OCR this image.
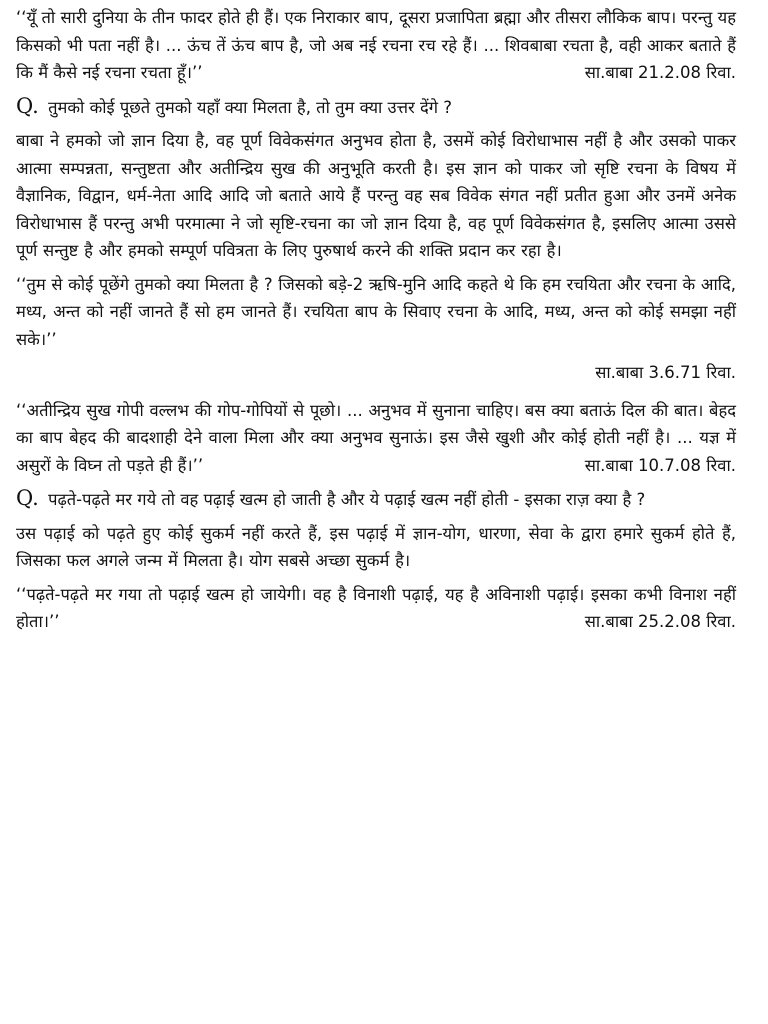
‘‘यूँ तो सारी दुनिया के तीन फादर होते ही हैं। एक निराकार बाप, दूसरा प्रजापिता ब्रह्मा और तीसरा लौकिक बाप। परन्तु यह किसको भी पता नहीं है। ... ऊंच तें ऊंच बाप है, जो अब नई रचना रच रहे हैं। ... शिवबाबा रचता है, वही आकर बताते हैं कि मैं कैसे नई रचना रचता हूँ।’’	सा.बाबा 21.2.08 रिवा.

Q. तुमको कोई पूछते तुमको यहाँ क्या मिलता है, तो तुम क्या उत्तर देंगे ?

बाबा ने हमको जो ज्ञान दिया है, वह पूर्ण विवेकसंगत अनुभव होता है, उसमें कोई विरोधाभास नहीं है और उसको पाकर आत्मा सम्पन्नता, सन्तुष्टता और अतीन्द्रिय सुख की अनुभूति करती है। इस ज्ञान को पाकर जो सृष्टि रचना के विषय में वैज्ञानिक, विद्वान, धर्म-नेता आदि आदि जो बताते आये हैं परन्तु वह सब विवेक संगत नहीं प्रतीत हुआ और उनमें अनेक विरोधाभास हैं परन्तु अभी परमात्मा ने जो सृष्टि-रचना का जो ज्ञान दिया है, वह पूर्ण विवेकसंगत है, इसलिए आत्मा उससे पूर्ण सन्तुष्ट है और हमको सम्पूर्ण पवित्रता के लिए पुरुषार्थ करने की शक्ति प्रदान कर रहा है।

‘‘तुम से कोई पूछेंगे तुमको क्या मिलता है ? जिसको बड़े-2 ऋषि-मुनि आदि कहते थे कि हम रचयिता और रचना के आदि, मध्य, अन्त को नहीं जानते हैं सो हम जानते हैं। रचयिता बाप के सिवाए रचना के आदि, मध्य, अन्त को कोई समझा नहीं सके।’’

सा.बाबा 3.6.71 रिवा.

‘‘अतीन्द्रिय सुख गोपी वल्लभ की गोप-गोपियों से पूछो। ... अनुभव में सुनाना चाहिए। बस क्या बताऊं दिल की बात। बेहद का बाप बेहद की बादशाही देने वाला मिला और क्या अनुभव सुनाऊं। इस जैसे खुशी और कोई होती नहीं है। ... यज्ञ में असुरों के विघ्न तो पड़ते ही हैं।’’	सा.बाबा 10.7.08 रिवा.

Q. पढ़ते-पढ़ते मर गये तो वह पढ़ाई खत्म हो जाती है और ये पढ़ाई खत्म नहीं होती - इसका राज़ क्या है ?

उस पढ़ाई को पढ़ते हुए कोई सुकर्म नहीं करते हैं, इस पढ़ाई में ज्ञान-योग, धारणा, सेवा के द्वारा हमारे सुकर्म होते हैं, जिसका फल अगले जन्म में मिलता है। योग सबसे अच्छा सुकर्म है।

‘‘पढ़ते-पढ़ते मर गया तो पढ़ाई खत्म हो जायेगी। वह है विनाशी पढ़ाई, यह है अविनाशी पढ़ाई। इसका कभी विनाश नहीं होता।’’	सा.बाबा 25.2.08 रिवा.
